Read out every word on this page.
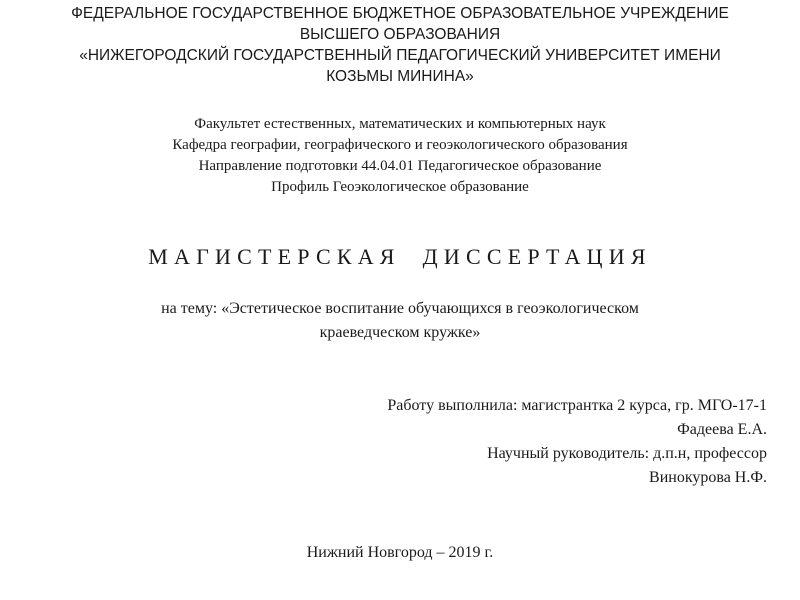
ФЕДЕРАЛЬНОЕ ГОСУДАРСТВЕННОЕ БЮДЖЕТНОЕ ОБРАЗОВАТЕЛЬНОЕ УЧРЕЖДЕНИЕ
ВЫСШЕГО ОБРАЗОВАНИЯ
«НИЖЕГОРОДСКИЙ ГОСУДАРСТВЕННЫЙ ПЕДАГОГИЧЕСКИЙ УНИВЕРСИТЕТ ИМЕНИ
КОЗЬМЫ МИНИНА»
Факультет естественных, математических и компьютерных наук
Кафедра географии, географического и геоэкологического образования
Направление подготовки 44.04.01 Педагогическое образование
Профиль Геоэкологическое образование
МАГИСТЕРСКАЯ ДИССЕРТАЦИЯ
на тему: «Эстетическое воспитание обучающихся в геоэкологическом
краеведческом кружке»
Работу выполнила: магистрантка 2 курса, гр. МГО-17-1
Фадеева Е.А.
Научный руководитель: д.п.н, профессор
Винокурова Н.Ф.
Нижний Новгород – 2019 г.
